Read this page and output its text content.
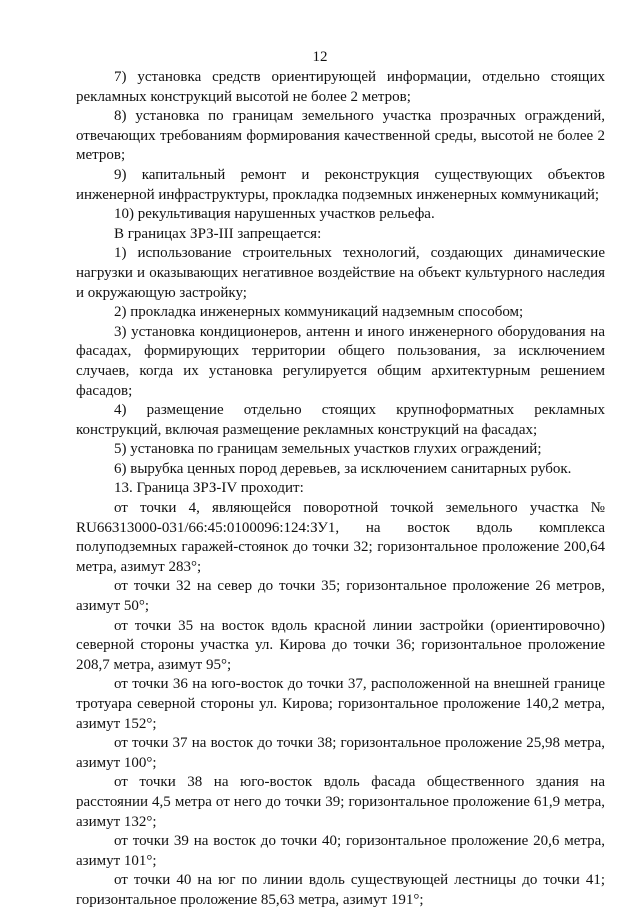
12

7) установка средств ориентирующей информации, отдельно стоящих рекламных конструкций высотой не более 2 метров;

8) установка по границам земельного участка прозрачных ограждений, отвечающих требованиям формирования качественной среды, высотой не более 2 метров;

9) капитальный ремонт и реконструкция существующих объектов инженерной инфраструктуры, прокладка подземных инженерных коммуникаций;

10) рекультивация нарушенных участков рельефа.

В границах ЗРЗ-III запрещается:

1) использование строительных технологий, создающих динамические нагрузки и оказывающих негативное воздействие на объект культурного наследия и окружающую застройку;

2) прокладка инженерных коммуникаций надземным способом;

3) установка кондиционеров, антенн и иного инженерного оборудования на фасадах, формирующих территории общего пользования, за исключением случаев, когда их установка регулируется общим архитектурным решением фасадов;

4) размещение отдельно стоящих крупноформатных рекламных конструкций, включая размещение рекламных конструкций на фасадах;

5) установка по границам земельных участков глухих ограждений;

6) вырубка ценных пород деревьев, за исключением санитарных рубок.

13. Граница ЗРЗ-IV проходит:

от точки 4, являющейся поворотной точкой земельного участка № RU66313000-031/66:45:0100096:124:ЗУ1, на восток вдоль комплекса полуподземных гаражей-стоянок до точки 32; горизонтальное проложение 200,64 метра, азимут 283°;

от точки 32 на север до точки 35; горизонтальное проложение 26 метров, азимут 50°;

от точки 35 на восток вдоль красной линии застройки (ориентировочно) северной стороны участка ул. Кирова до точки 36; горизонтальное проложение 208,7 метра, азимут 95°;

от точки 36 на юго-восток до точки 37, расположенной на внешней границе тротуара северной стороны ул. Кирова; горизонтальное проложение 140,2 метра, азимут 152°;

от точки 37 на восток до точки 38; горизонтальное проложение 25,98 метра, азимут 100°;

от точки 38 на юго-восток вдоль фасада общественного здания на расстоянии 4,5 метра от него до точки 39; горизонтальное проложение 61,9 метра, азимут 132°;

от точки 39 на восток до точки 40; горизонтальное проложение 20,6 метра, азимут 101°;

от точки 40 на юг по линии вдоль существующей лестницы до точки 41; горизонтальное проложение 85,63 метра, азимут 191°;
